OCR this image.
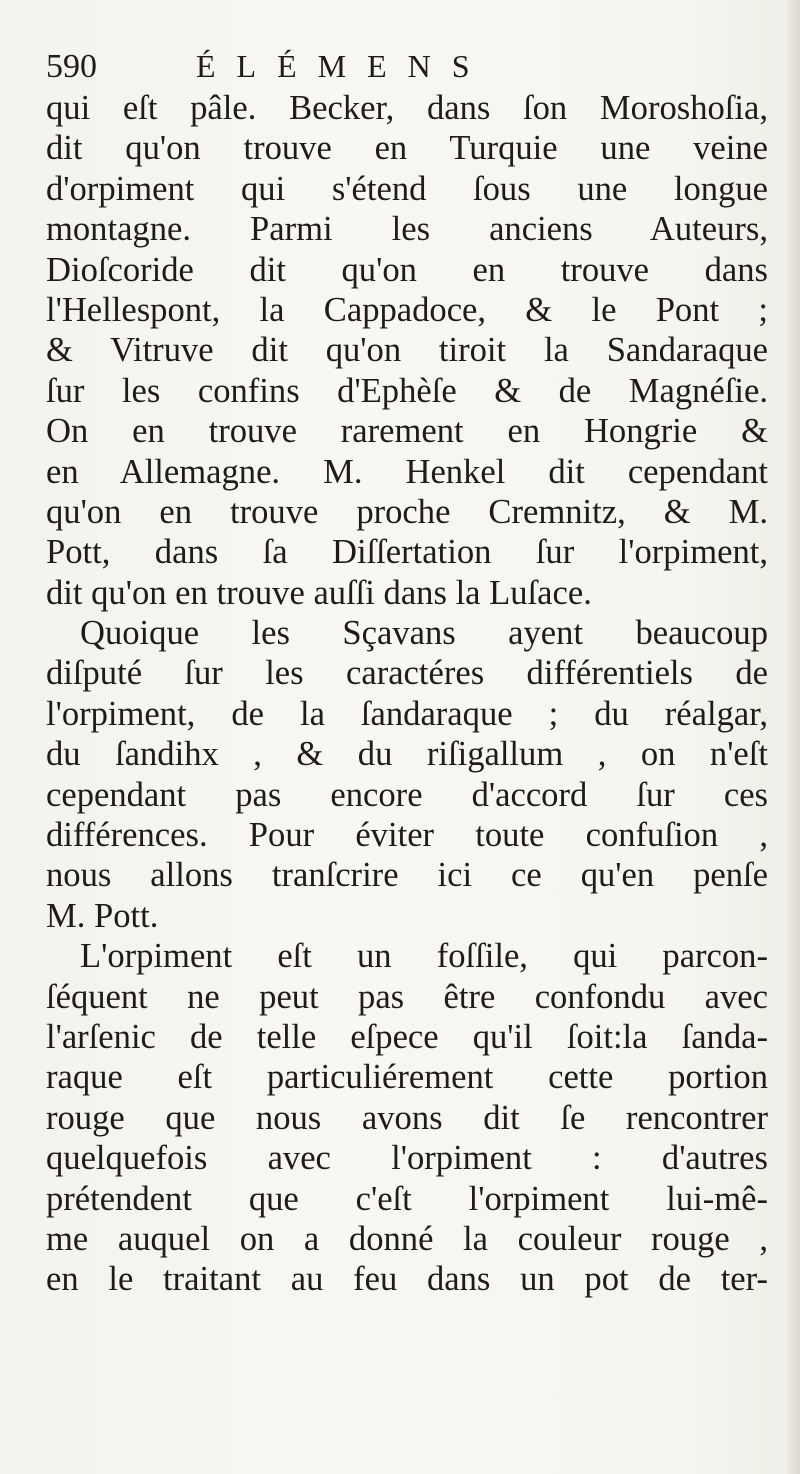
590	ÉLÉMENS
qui eſt pâle. Becker, dans ſon Moroshoſia,
dit qu'on trouve en Turquie une veine
d'orpiment qui s'étend ſous une longue
montagne. Parmi les anciens Auteurs,
Dioſcoride dit qu'on en trouve dans
l'Hellespont, la Cappadoce, & le Pont ;
& Vitruve dit qu'on tiroit la Sandaraque
ſur les confins d'Ephèſe & de Magnéſie.
On en trouve rarement en Hongrie &
en Allemagne. M. Henkel dit cependant
qu'on en trouve proche Cremnitz, & M.
Pott, dans ſa Diſſertation ſur l'orpiment,
dit qu'on en trouve auſſi dans la Luſace.
Quoique les Sçavans ayent beaucoup
diſputé ſur les caractéres différentiels de
l'orpiment, de la ſandaraque ; du réalgar,
du ſandihx , & du riſigallum , on n'eſt
cependant pas encore d'accord ſur ces
différences. Pour éviter toute confuſion ,
nous allons tranſcrire ici ce qu'en penſe
M. Pott.
L'orpiment eſt un foſſile, qui parcon-
ſéquent ne peut pas être confondu avec
l'arſenic de telle eſpece qu'il ſoit:la ſanda-
raque eſt particuliérement cette portion
rouge que nous avons dit ſe rencontrer
quelquefois avec l'orpiment : d'autres
prétendent que c'eſt l'orpiment lui-mê-
me auquel on a donné la couleur rouge ,
en le traitant au feu dans un pot de ter-
